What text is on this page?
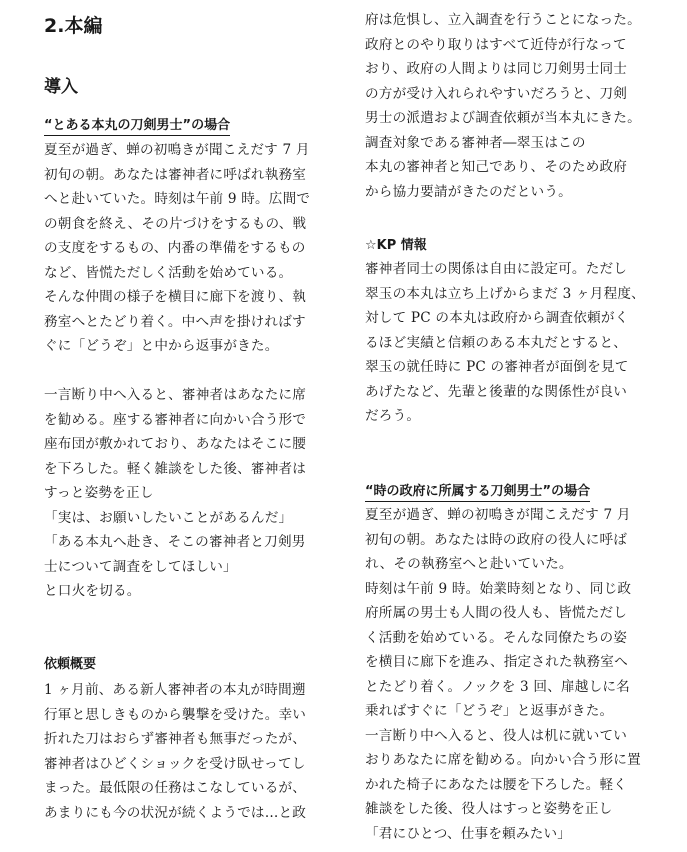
2.本編
導入
“とある本丸の刀剣男士”の場合
夏至が過ぎ、蝉の初鳴きが聞こえだす 7 月
初旬の朝。あなたは審神者に呼ばれ執務室
へと赴いていた。時刻は午前 9 時。広間で
の朝食を終え、その片づけをするもの、戦
の支度をするもの、内番の準備をするもの
など、皆慌ただしく活動を始めている。
そんな仲間の様子を横目に廊下を渡り、執
務室へとたどり着く。中へ声を掛ければす
ぐに「どうぞ」と中から返事がきた。
一言断り中へ入ると、審神者はあなたに席
を勧める。座する審神者に向かい合う形で
座布団が敷かれており、あなたはそこに腰
を下ろした。軽く雑談をした後、審神者は
すっと姿勢を正し
「実は、お願いしたいことがあるんだ」
「ある本丸へ赴き、そこの審神者と刀剣男
士について調査をしてほしい」
と口火を切る。
依頼概要
1 ヶ月前、ある新人審神者の本丸が時間遡
行軍と思しきものから襲撃を受けた。幸い
折れた刀はおらず審神者も無事だったが、
審神者はひどくショックを受け臥せってし
まった。最低限の任務はこなしているが、
あまりにも今の状況が続くようでは…と政
府は危惧し、立入調査を行うことになった。
政府とのやり取りはすべて近侍が行なって
おり、政府の人間よりは同じ刀剣男士同士
の方が受け入れられやすいだろうと、刀剣
男士の派遣および調査依頼が当本丸にきた。
調査対象である審神者―翠玉はこの
本丸の審神者と知己であり、そのため政府
から協力要請がきたのだという。
☆KP 情報
審神者同士の関係は自由に設定可。ただし
翠玉の本丸は立ち上げからまだ 3 ヶ月程度、
対して PC の本丸は政府から調査依頼がく
るほど実績と信頼のある本丸だとすると、
翠玉の就任時に PC の審神者が面倒を見て
あげたなど、先輩と後輩的な関係性が良い
だろう。
“時の政府に所属する刀剣男士”の場合
夏至が過ぎ、蝉の初鳴きが聞こえだす 7 月
初旬の朝。あなたは時の政府の役人に呼ば
れ、その執務室へと赴いていた。
時刻は午前 9 時。始業時刻となり、同じ政
府所属の男士も人間の役人も、皆慌ただし
く活動を始めている。そんな同僚たちの姿
を横目に廊下を進み、指定された執務室へ
とたどり着く。ノックを 3 回、扉越しに名
乗ればすぐに「どうぞ」と返事がきた。
一言断り中へ入ると、役人は机に就いてい
おりあなたに席を勧める。向かい合う形に置
かれた椅子にあなたは腰を下ろした。軽く
雑談をした後、役人はすっと姿勢を正し
「君にひとつ、仕事を頼みたい」
